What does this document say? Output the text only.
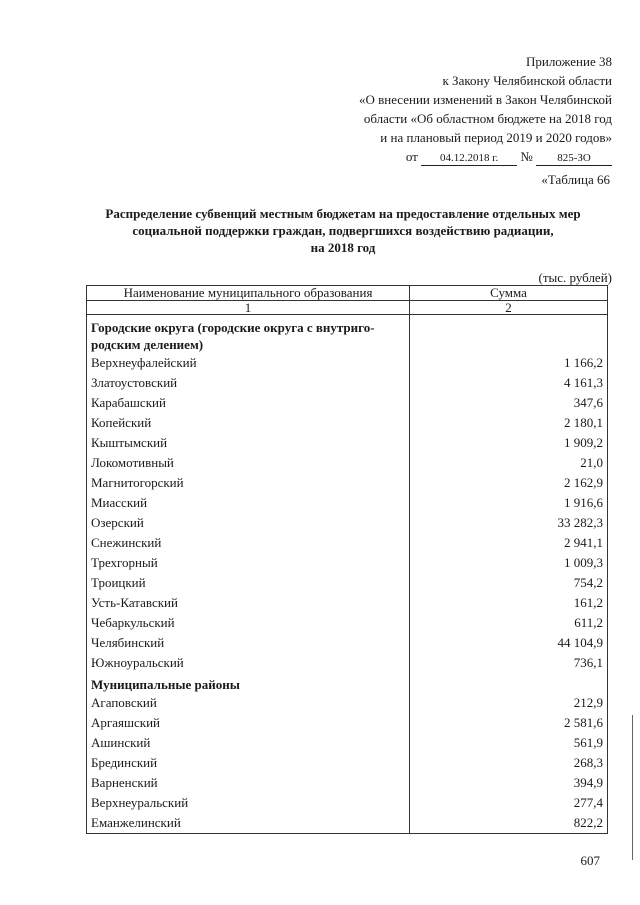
Приложение 38
к Закону Челябинской области
«О внесении изменений в Закон Челябинской
области «Об областном бюджете на 2018 год
и на плановый период 2019 и 2020 годов»
от 04.12.2018 г. № 825-ЗО
«Таблица 66
Распределение субвенций местным бюджетам на предоставление отдельных мер
социальной поддержки граждан, подвергшихся воздействию радиации,
на 2018 год
(тыс. рублей)
Наименование муниципального образования	Сумма
1	2
Городские округа (городские округа с внутриго-
родским делением)	
Верхнеуфалейский	1 166,2
Златоустовский	4 161,3
Карабашский	347,6
Копейский	2 180,1
Кыштымский	1 909,2
Локомотивный	21,0
Магнитогорский	2 162,9
Миасский	1 916,6
Озерский	33 282,3
Снежинский	2 941,1
Трехгорный	1 009,3
Троицкий	754,2
Усть-Катавский	161,2
Чебаркульский	611,2
Челябинский	44 104,9
Южноуральский	736,1
Муниципальные районы	
Агаповский	212,9
Аргаяшский	2 581,6
Ашинский	561,9
Брединский	268,3
Варненский	394,9
Верхнеуральский	277,4
Еманжелинский	822,2
607
